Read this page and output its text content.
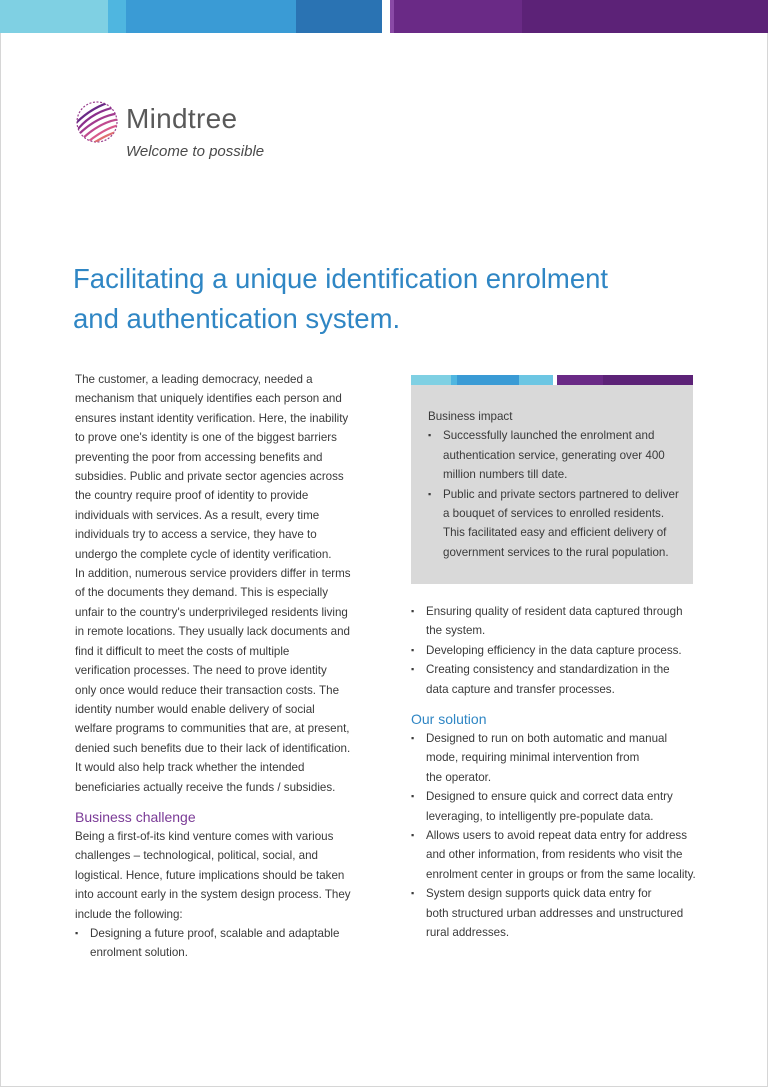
Mindtree
Welcome to possible
Facilitating a unique identification enrolment
and authentication system.
The customer, a leading democracy, needed a
mechanism that uniquely identifies each person and
ensures instant identity verification. Here, the inability
to prove one's identity is one of the biggest barriers
preventing the poor from accessing benefits and
subsidies. Public and private sector agencies across
the country require proof of identity to provide
individuals with services. As a result, every time
individuals try to access a service, they have to
undergo the complete cycle of identity verification.
In addition, numerous service providers differ in terms
of the documents they demand. This is especially
unfair to the country's underprivileged residents living
in remote locations. They usually lack documents and
find it difficult to meet the costs of multiple
verification processes. The need to prove identity
only once would reduce their transaction costs. The
identity number would enable delivery of social
welfare programs to communities that are, at present,
denied such benefits due to their lack of identification.
It would also help track whether the intended
beneficiaries actually receive the funds / subsidies.
Business challenge
Being a first-of-its kind venture comes with various
challenges – technological, political, social, and
logistical. Hence, future implications should be taken
into account early in the system design process. They
include the following:
▪ Designing a future proof, scalable and adaptable
enrolment solution.
Business impact
▪ Successfully launched the enrolment and
authentication service, generating over 400
million numbers till date.
▪ Public and private sectors partnered to deliver
a bouquet of services to enrolled residents.
This facilitated easy and efficient delivery of
government services to the rural population.
▪ Ensuring quality of resident data captured through
the system.
▪ Developing efficiency in the data capture process.
▪ Creating consistency and standardization in the
data capture and transfer processes.
Our solution
▪ Designed to run on both automatic and manual
mode, requiring minimal intervention from
the operator.
▪ Designed to ensure quick and correct data entry
leveraging, to intelligently pre-populate data.
▪ Allows users to avoid repeat data entry for address
and other information, from residents who visit the
enrolment center in groups or from the same locality.
▪ System design supports quick data entry for
both structured urban addresses and unstructured
rural addresses.
